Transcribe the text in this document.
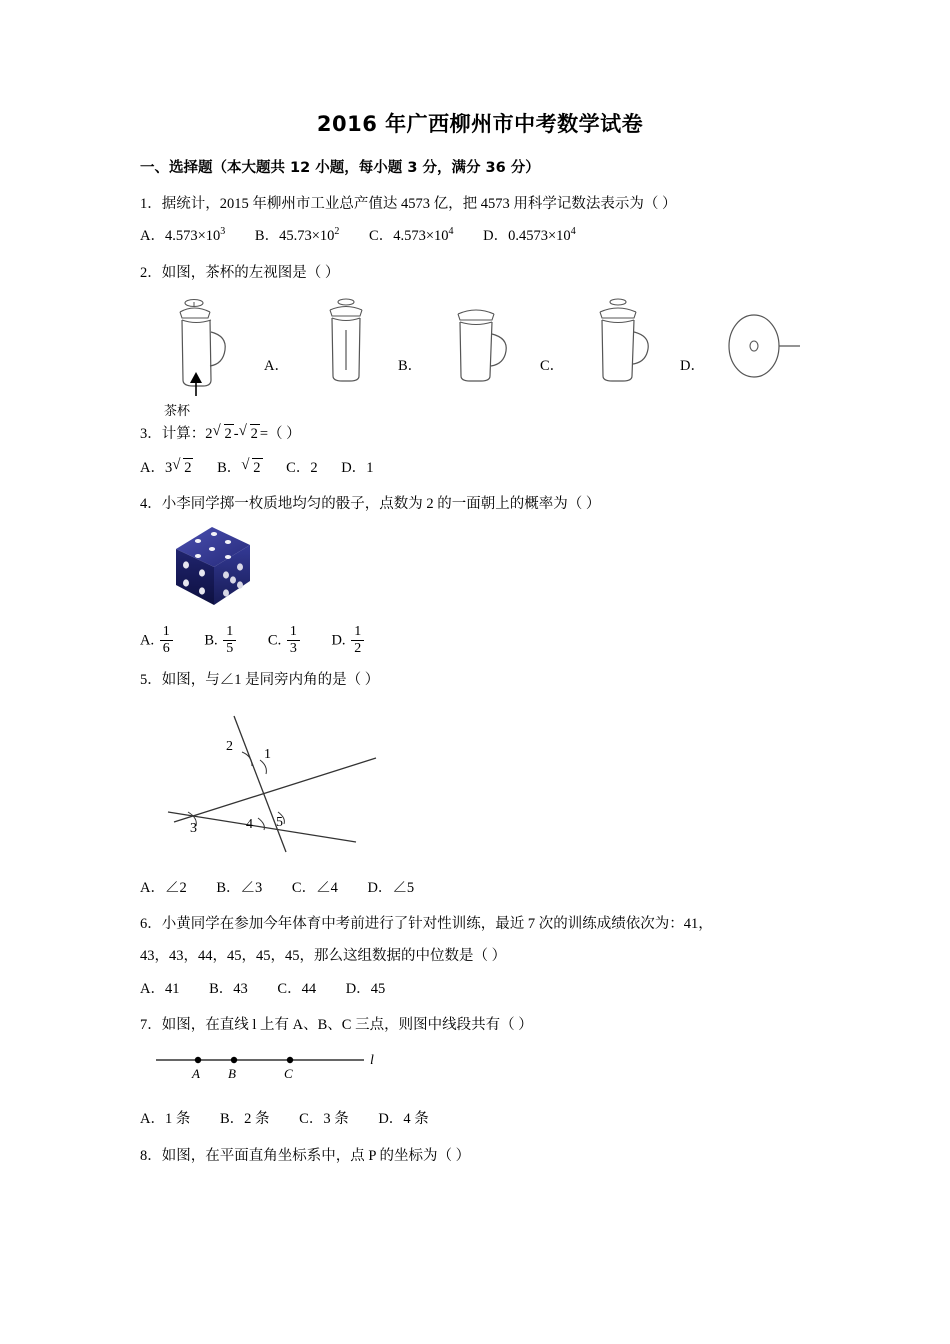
2016 年广西柳州市中考数学试卷
一、选择题（本大题共 12 小题，每小题 3 分，满分 36 分）
1．据统计，2015 年柳州市工业总产值达 4573 亿，把 4573 用科学记数法表示为（ ）
A．$4.573\times 10^3$ B．$45.73\times 10^2$ C．$4.573\times 10^4$ D．$0.4573\times 10^4$
2．如图，茶杯的左视图是（ ）
茶杯
A．	B．	C．	D．
3．计算：2 √ 2 - √ 2 =（ ）
A．3 √ 2 B． √ 2 C．2 D．1
4．小李同学掷一枚质地均匀的骰子，点数为 2 的一面朝上的概率为（ ）
A. $\frac{1}{6} B$. $\frac{1}{5} C$. $\frac{1}{3} D$. $\frac{1}{2}$
5．如图，与∠1 是同旁内角的是（ ）
2
1
3	4 5
A．∠2 B．∠3 C．∠4 D．∠5
6．小黄同学在参加今年体育中考前进行了针对性训练，最近 7 次的训练成绩依次为：41，
43，43，44，45，45，45，那么这组数据的中位数是（ ）
A．41 B．43 C．44 D．45
7．如图，在直线 l 上有 A、B、C 三点，则图中线段共有（ ）
A B	C
l
A．1 条 B．2 条 C．3 条 D．4 条
8．如图，在平面直角坐标系中，点 P 的坐标为（ ）
